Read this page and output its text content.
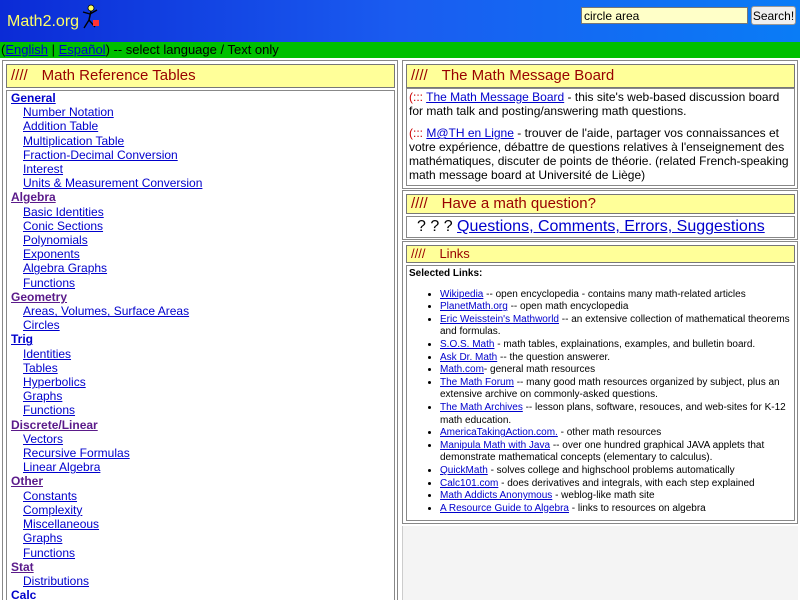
Math2.org
circle area	Search!
(English | Español) -- select language / Text only
//// Math Reference Tables
General
Number Notation
Addition Table
Multiplication Table
Fraction-Decimal Conversion
Interest
Units & Measurement Conversion
Algebra
Basic Identities
Conic Sections
Polynomials
Exponents
Algebra Graphs
Functions
Geometry
Areas, Volumes, Surface Areas
Circles
Trig
Identities
Tables
Hyperbolics
Graphs
Functions
Discrete/Linear
Vectors
Recursive Formulas
Linear Algebra
Other
Constants
Complexity
Miscellaneous
Graphs
Functions
Stat
Distributions
Calc
//// The Math Message Board

(::: The Math Message Board - this site's web-based discussion board for math talk and posting/answering math questions.

(::: M@TH en Ligne - trouver de l'aide, partager vos connaissances et votre expérience, débattre de questions relatives à l'enseignement des mathématiques, discuter de points de théorie. (related French-speaking math message board at Université de Liège)

//// Have a math question?
? ? ? Questions, Comments, Errors, Suggestions
//// Links
Selected Links:
• Wikipedia -- open encyclopedia - contains many math-related articles
• PlanetMath.org -- open math encyclopedia
• Eric Weisstein's Mathworld -- an extensive collection of mathematical theorems and formulas.
• S.O.S. Math - math tables, explainations, examples, and bulletin board.
• Ask Dr. Math -- the question answerer.
• Math.com- general math resources
• The Math Forum -- many good math resources organized by subject, plus an extensive archive on commonly-asked questions.
• The Math Archives -- lesson plans, software, resouces, and web-sites for K-12 math education.
• AmericaTakingAction.com. - other math resources
• Manipula Math with Java -- over one hundred graphical JAVA applets that demonstrate mathematical concepts (elementary to calculus).
• QuickMath - solves college and highschool problems automatically
• Calc101.com - does derivatives and integrals, with each step explained
• Math Addicts Anonymous - weblog-like math site
• A Resource Guide to Algebra - links to resources on algebra
